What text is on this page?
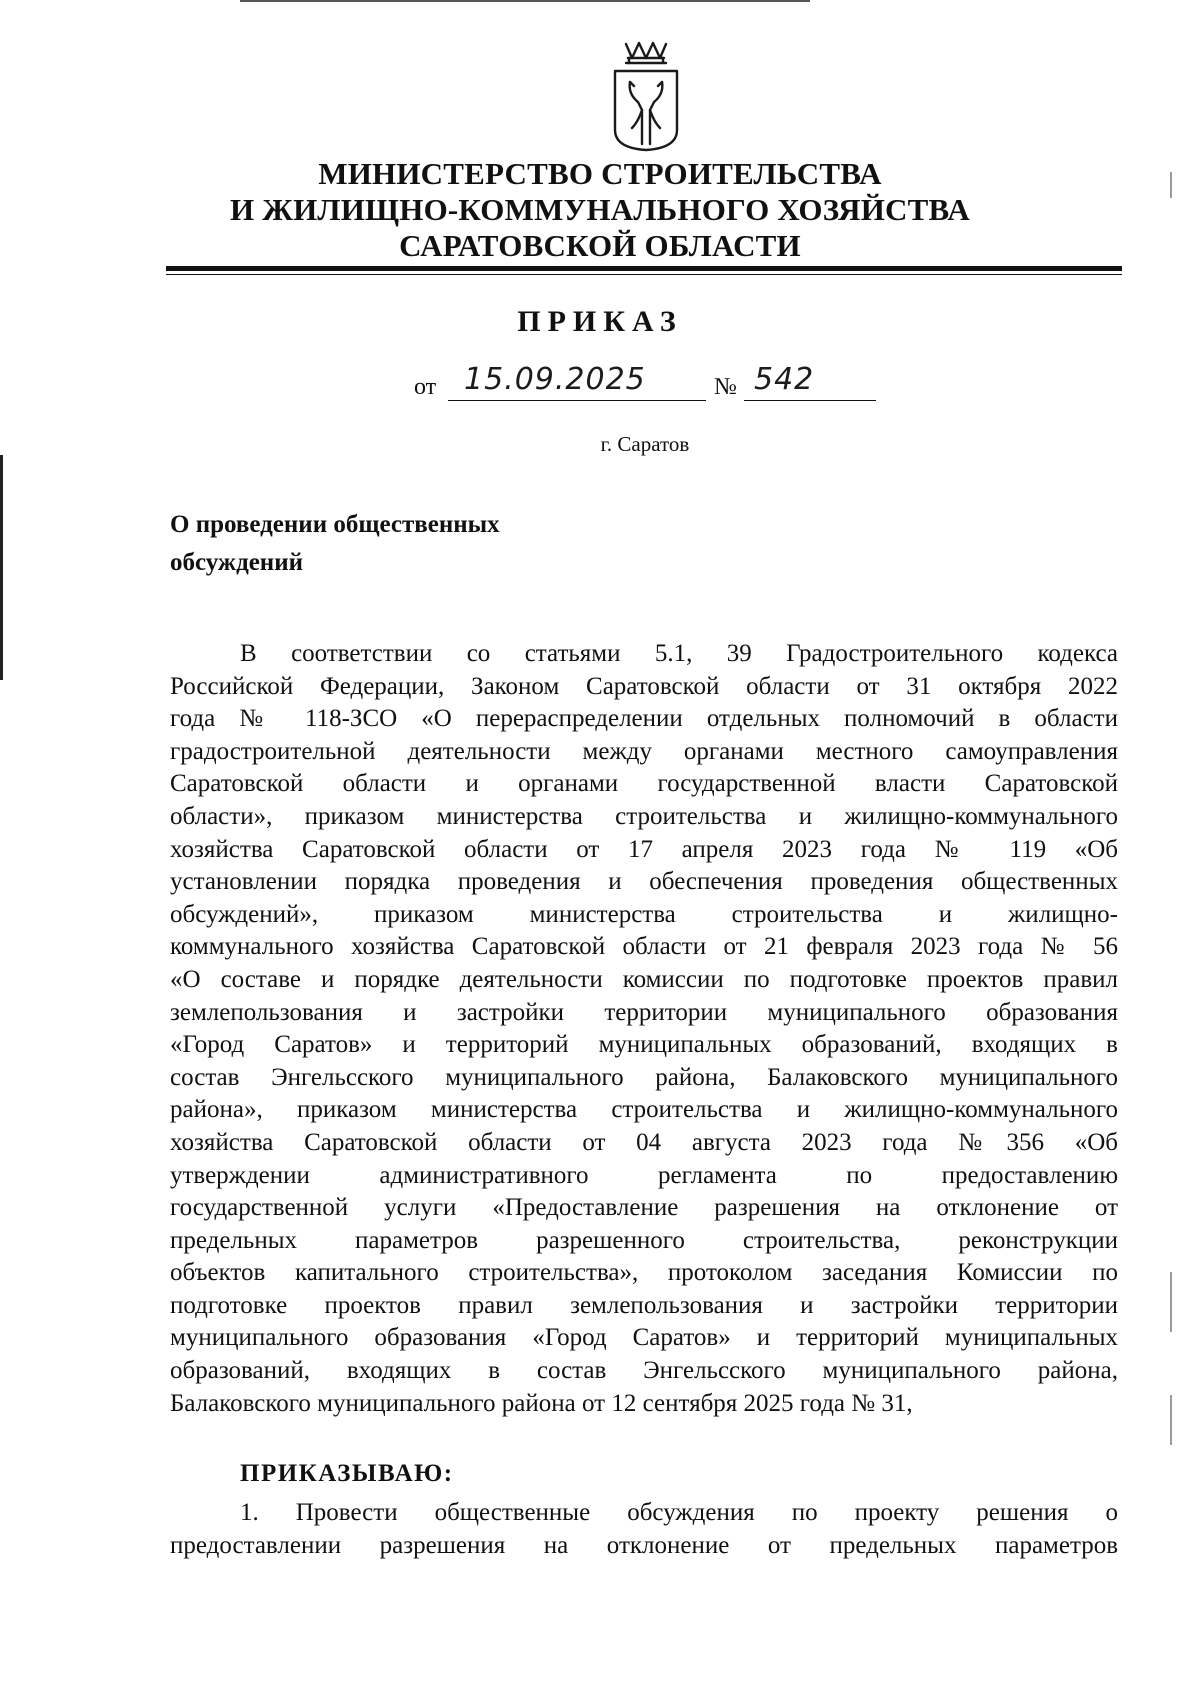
МИНИСТЕРСТВО СТРОИТЕЛЬСТВА
И ЖИЛИЩНО-КОММУНАЛЬНОГО ХОЗЯЙСТВА
САРАТОВСКОЙ ОБЛАСТИ
ПРИКАЗ
от 15.09.2025	№ 542
г. Саратов
О проведении общественных
обсуждений
В соответствии со статьями 5.1, 39 Градостроительного кодекса
Российской Федерации, Законом Саратовской области от 31 октября 2022
года № 118-ЗСО «О перераспределении отдельных полномочий в области
градостроительной деятельности между органами местного самоуправления
Саратовской области и органами государственной власти Саратовской
области», приказом министерства строительства и жилищно-коммунального
хозяйства Саратовской области от 17 апреля 2023 года № 119 «Об
установлении порядка проведения и обеспечения проведения общественных
обсуждений», приказом министерства строительства и жилищно-
коммунального хозяйства Саратовской области от 21 февраля 2023 года № 56
«О составе и порядке деятельности комиссии по подготовке проектов правил
землепользования и застройки территории муниципального образования
«Город Саратов» и территорий муниципальных образований, входящих в
состав Энгельсского муниципального района, Балаковского муниципального
района», приказом министерства строительства и жилищно-коммунального
хозяйства Саратовской области от 04 августа 2023 года №356 «Об
утверждении административного регламента по предоставлению
государственной услуги «Предоставление разрешения на отклонение от
предельных параметров разрешенного строительства, реконструкции
объектов капитального строительства», протоколом заседания Комиссии по
подготовке проектов правил землепользования и застройки территории
муниципального образования «Город Саратов» и территорий муниципальных
образований, входящих в состав Энгельсского муниципального района,
Балаковского муниципального района от 12 сентября 2025 года № 31,
ПРИКАЗЫВАЮ:
1. Провести общественные обсуждения по проекту решения о
предоставлении разрешения на отклонение от предельных параметров
